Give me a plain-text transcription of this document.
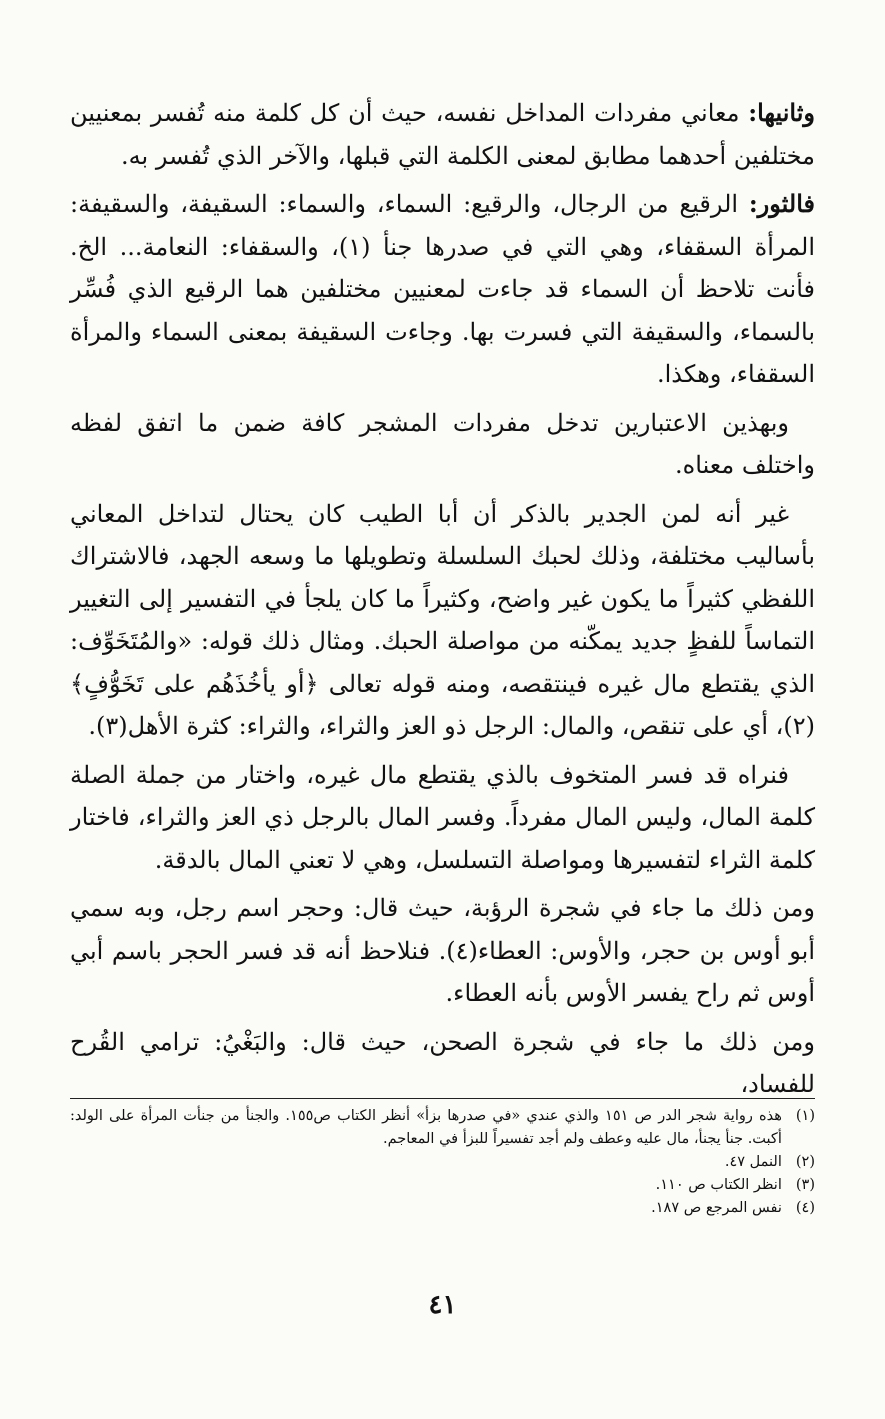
وثانيها: معاني مفردات المداخل نفسه، حيث أن كل كلمة منه تُفسر بمعنيين مختلفين أحدهما مطابق لمعنى الكلمة التي قبلها، والآخر الذي تُفسر به.

فالثور: الرقيع من الرجال، والرقيع: السماء، والسماء: السقيفة، والسقيفة: المرأة السقفاء، وهي التي في صدرها جنأ (١)، والسقفاء: النعامة... الخ. فأنت تلاحظ أن السماء قد جاءت لمعنيين مختلفين هما الرقيع الذي فُسِّر بالسماء، والسقيفة التي فسرت بها. وجاءت السقيفة بمعنى السماء والمرأة السقفاء، وهكذا.

وبهذين الاعتبارين تدخل مفردات المشجر كافة ضمن ما اتفق لفظه واختلف معناه.

غير أنه لمن الجدير بالذكر أن أبا الطيب كان يحتال لتداخل المعاني بأساليب مختلفة، وذلك لحبك السلسلة وتطويلها ما وسعه الجهد، فالاشتراك اللفظي كثيراً ما يكون غير واضح، وكثيراً ما كان يلجأ في التفسير إلى التغيير التماساً للفظٍ جديد يمكّنه من مواصلة الحبك. ومثال ذلك قوله: «والمُتَخَوِّف: الذي يقتطع مال غيره فينتقصه، ومنه قوله تعالى ﴿أو يأخُذَهُم على تَخَوُّفٍ﴾(٢)، أي على تنقص، والمال: الرجل ذو العز والثراء، والثراء: كثرة الأهل(٣).

فنراه قد فسر المتخوف بالذي يقتطع مال غيره، واختار من جملة الصلة كلمة المال، وليس المال مفرداً. وفسر المال بالرجل ذي العز والثراء، فاختار كلمة الثراء لتفسيرها ومواصلة التسلسل، وهي لا تعني المال بالدقة.

ومن ذلك ما جاء في شجرة الرؤبة، حيث قال: وحجر اسم رجل، وبه سمي أبو أوس بن حجر، والأوس: العطاء(٤). فنلاحظ أنه قد فسر الحجر باسم أبي أوس ثم راح يفسر الأوس بأنه العطاء.

ومن ذلك ما جاء في شجرة الصحن، حيث قال: والبَغْيُ: ترامي القُرح للفساد،

(١)
هذه رواية شجر الدر ص ١٥١ والذي عندي «في صدرها بزأ» أنظر الكتاب ص١٥٥. والجنأ من جنأت المرأة على الولد: أكبت. جنأ يجنأ، مال عليه وعطف ولم أجد تفسيراً للبزأ في المعاجم.
(٢)
النمل ٤٧.
(٣)
انظر الكتاب ص ١١٠.
(٤)
نفس المرجع ص ١٨٧.
٤١
